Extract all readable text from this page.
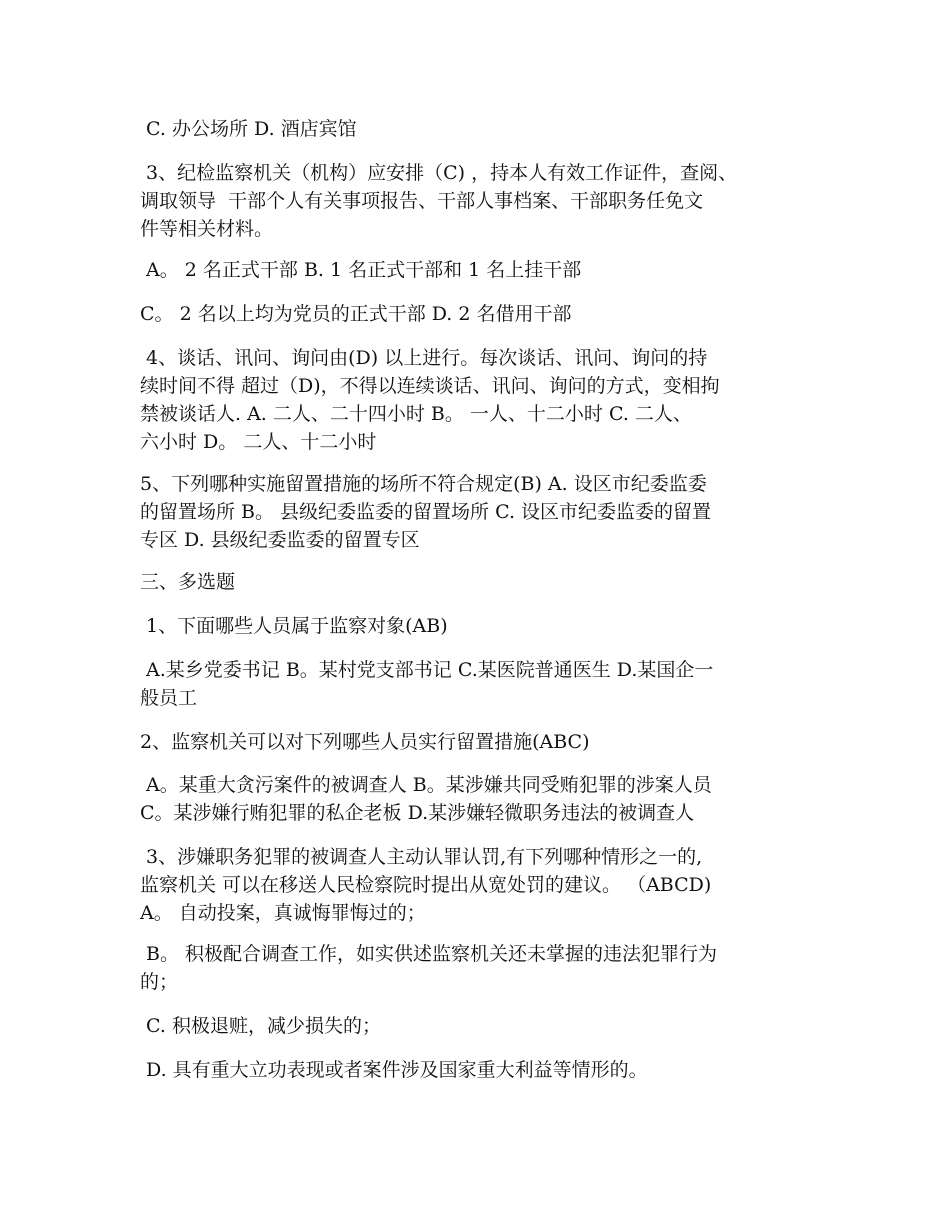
C. 办公场所 D. 酒店宾馆

3、纪检监察机关（机构）应安排（C) ，持本人有效工作证件，查阅、
调取领导  干部个人有关事项报告、干部人事档案、干部职务任免文
件等相关材料。

A。 2 名正式干部 B. 1 名正式干部和 1 名上挂干部

C。 2 名以上均为党员的正式干部 D. 2 名借用干部

4、谈话、讯问、询问由(D) 以上进行。每次谈话、讯问、询问的持
续时间不得 超过（D)，不得以连续谈话、讯问、询问的方式，变相拘
禁被谈话人. A. 二人、二十四小时 B。 一人、十二小时 C. 二人、
六小时 D。 二人、十二小时

5、下列哪种实施留置措施的场所不符合规定(B) A. 设区市纪委监委
的留置场所 B。 县级纪委监委的留置场所 C. 设区市纪委监委的留置
专区 D. 县级纪委监委的留置专区

三、多选题

1、下面哪些人员属于监察对象(AB)

A.某乡党委书记 B。某村党支部书记 C.某医院普通医生 D.某国企一
般员工

2、监察机关可以对下列哪些人员实行留置措施(ABC)

A。某重大贪污案件的被调查人 B。某涉嫌共同受贿犯罪的涉案人员
C。某涉嫌行贿犯罪的私企老板 D.某涉嫌轻微职务违法的被调查人

3、涉嫌职务犯罪的被调查人主动认罪认罚,有下列哪种情形之一的,
监察机关 可以在移送人民检察院时提出从宽处罚的建议。 （ABCD)
A。 自动投案，真诚悔罪悔过的；

B。 积极配合调查工作，如实供述监察机关还未掌握的违法犯罪行为
的；

C. 积极退赃，减少损失的；

D. 具有重大立功表现或者案件涉及国家重大利益等情形的。
